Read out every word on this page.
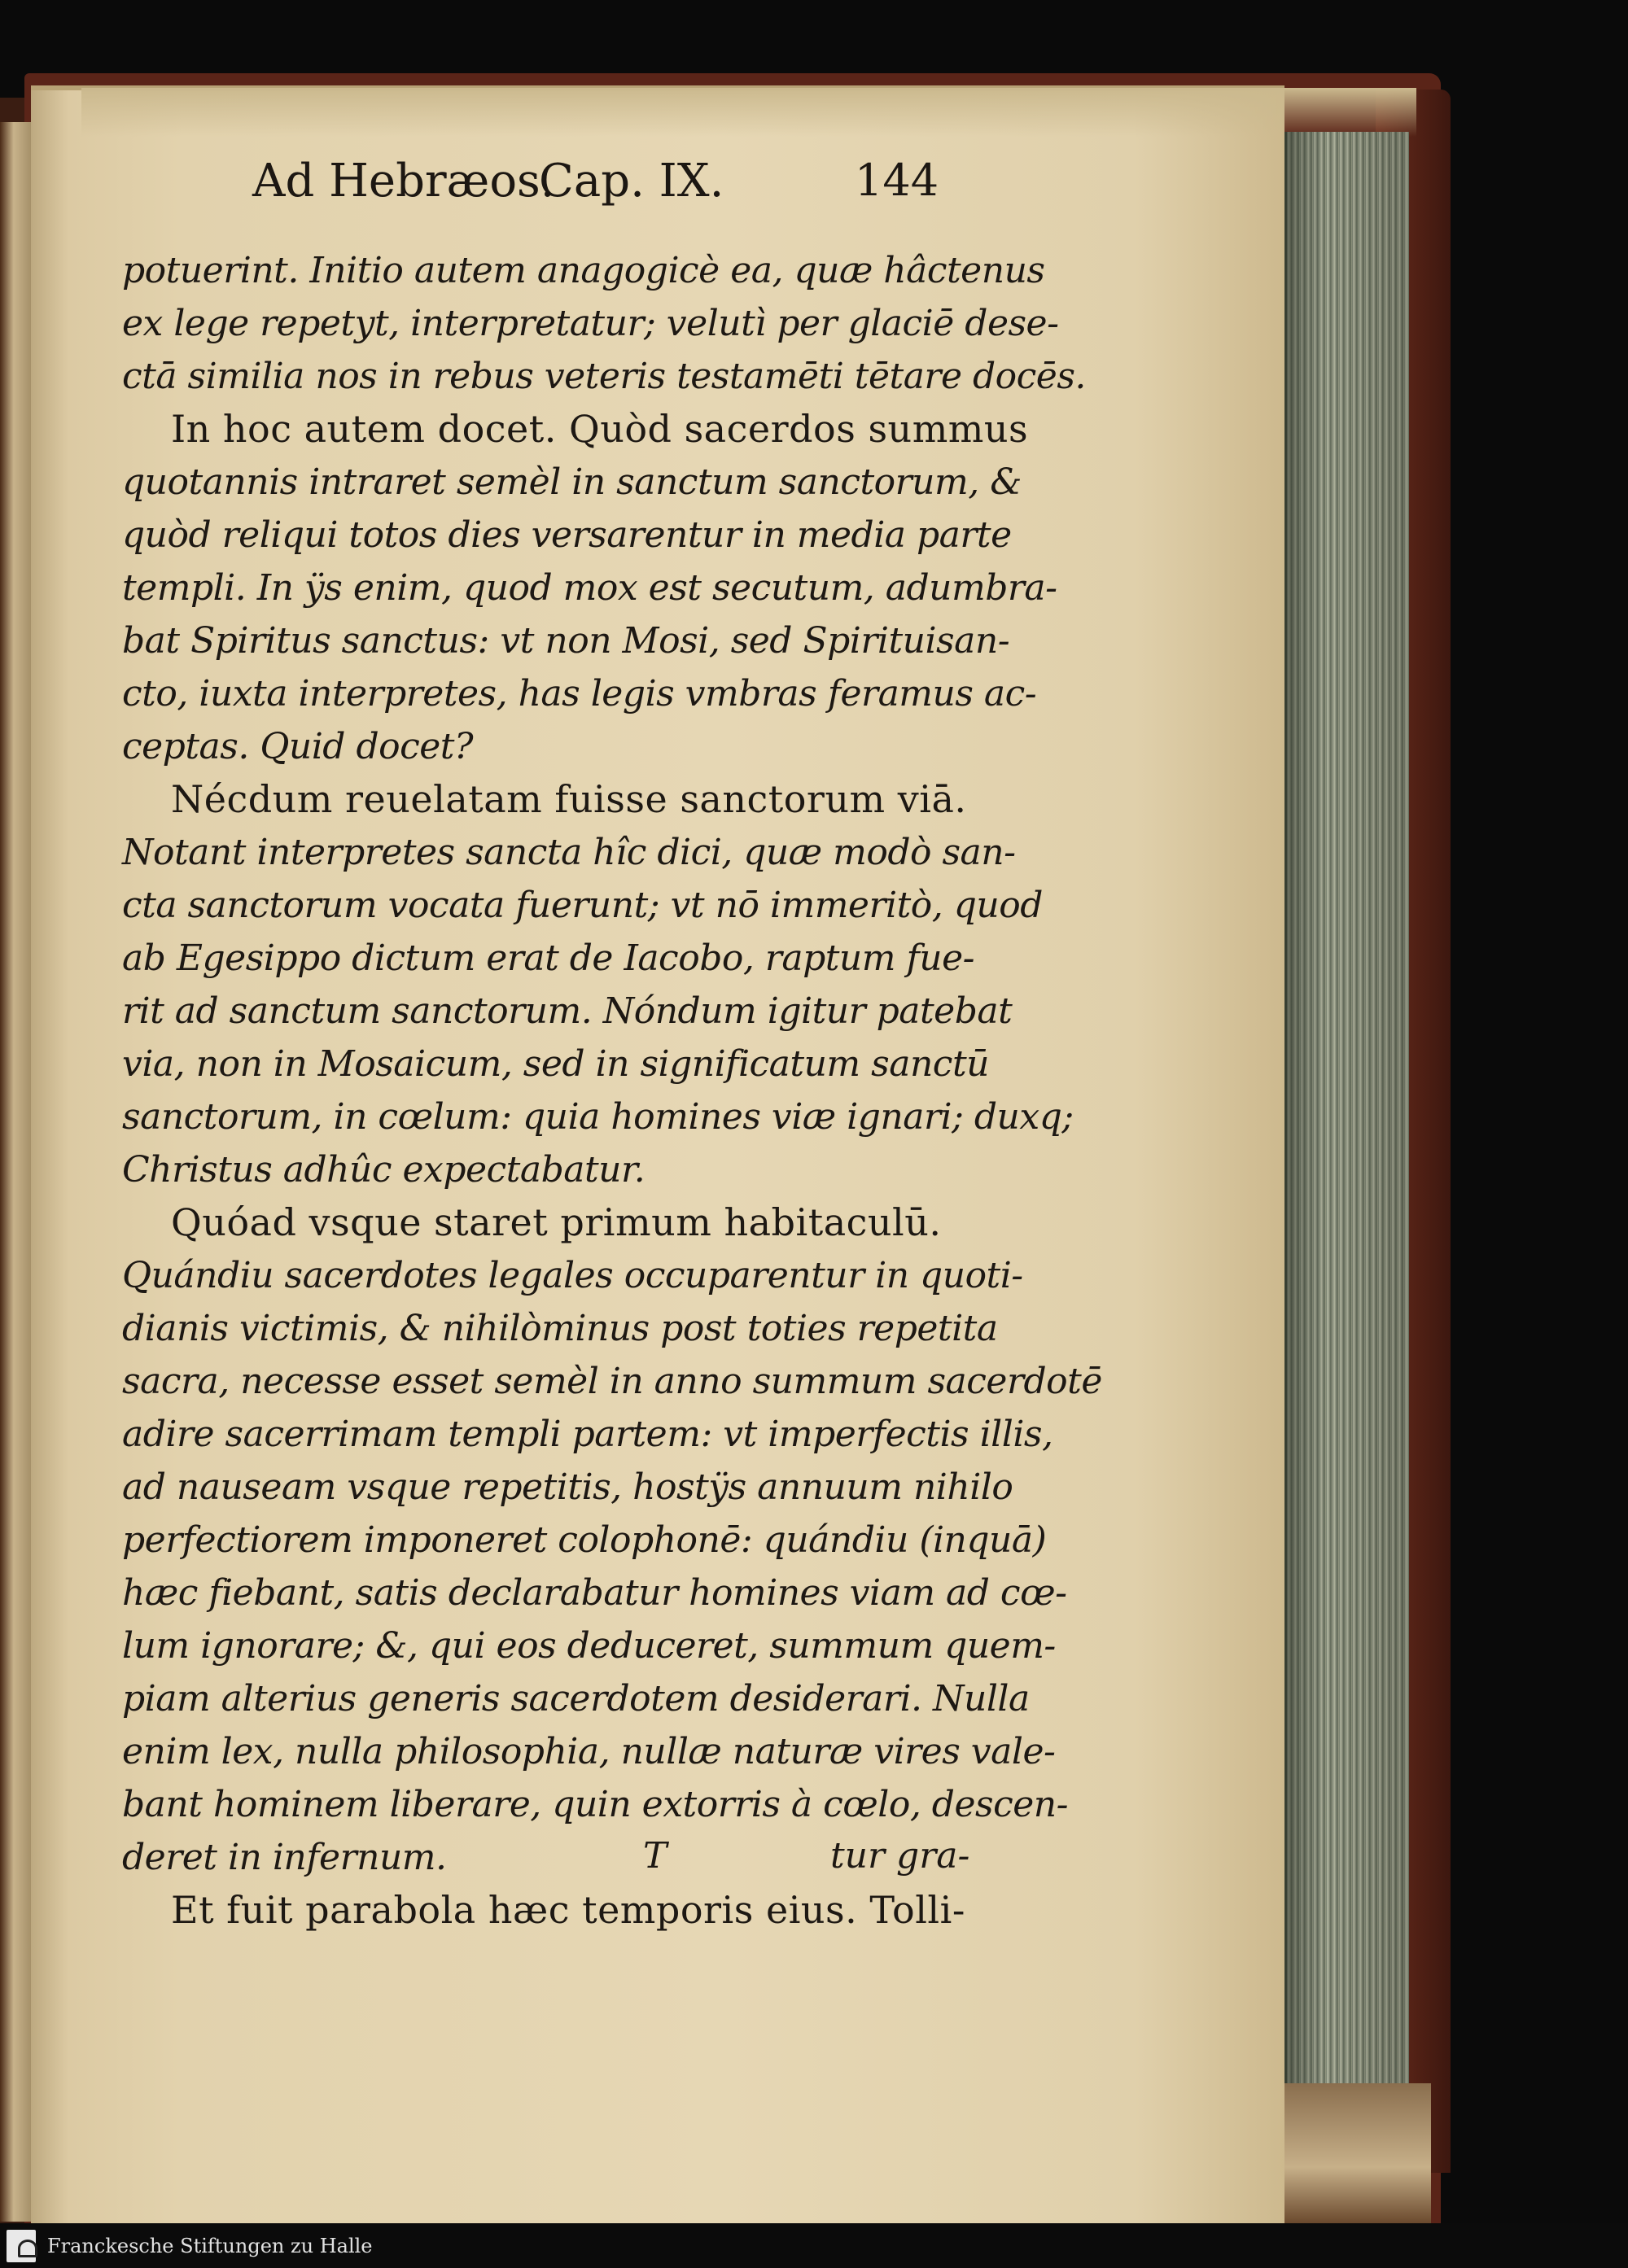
Ad Hebræos.
Cap. IX.	144
potuerint. Initio autem anagogicè ea, quæ hâctenus
ex lege repetyt, interpretatur; velutì per glaciē dese-
ctā similia nos in rebus veteris testamēti tētare docēs.
In hoc autem docet. Quòd sacerdos summus
quotannis intraret semèl in sanctum sanctorum, &
quòd reliqui totos dies versarentur in media parte
templi. In ÿs enim, quod mox est secutum, adumbra-
bat Spiritus sanctus: vt non Mosi, sed Spirituisan-
cto, iuxta interpretes, has legis vmbras feramus ac-
ceptas. Quid docet?
Nécdum reuelatam fuisse sanctorum viā.
Notant interpretes sancta hîc dici, quæ modò san-
cta sanctorum vocata fuerunt; vt nō immeritò, quod
ab Egesippo dictum erat de Iacobo, raptum fue-
rit ad sanctum sanctorum. Nóndum igitur patebat
via, non in Mosaicum, sed in significatum sanctū
sanctorum, in cœlum: quia homines viæ ignari; duxq;
Christus adhûc expectabatur.
Quóad vsque staret primum habitaculū.
Quándiu sacerdotes legales occuparentur in quoti-
dianis victimis, & nihilòminus post toties repetita
sacra, necesse esset semèl in anno summum sacerdotē
adire sacerrimam templi partem: vt imperfectis illis,
ad nauseam vsque repetitis, hostÿs annuum nihilo
perfectiorem imponeret colophonē: quándiu (inquā)
hæc fiebant, satis declarabatur homines viam ad cœ-
lum ignorare; &, qui eos deduceret, summum quem-
piam alterius generis sacerdotem desiderari. Nulla
enim lex, nulla philosophia, nullæ naturæ vires vale-
bant hominem liberare, quin extorris à cœlo, descen-
deret in infernum.
Et fuit parabola hæc temporis eius. Tolli-
T	tur gra-
Franckesche Stiftungen zu Halle
